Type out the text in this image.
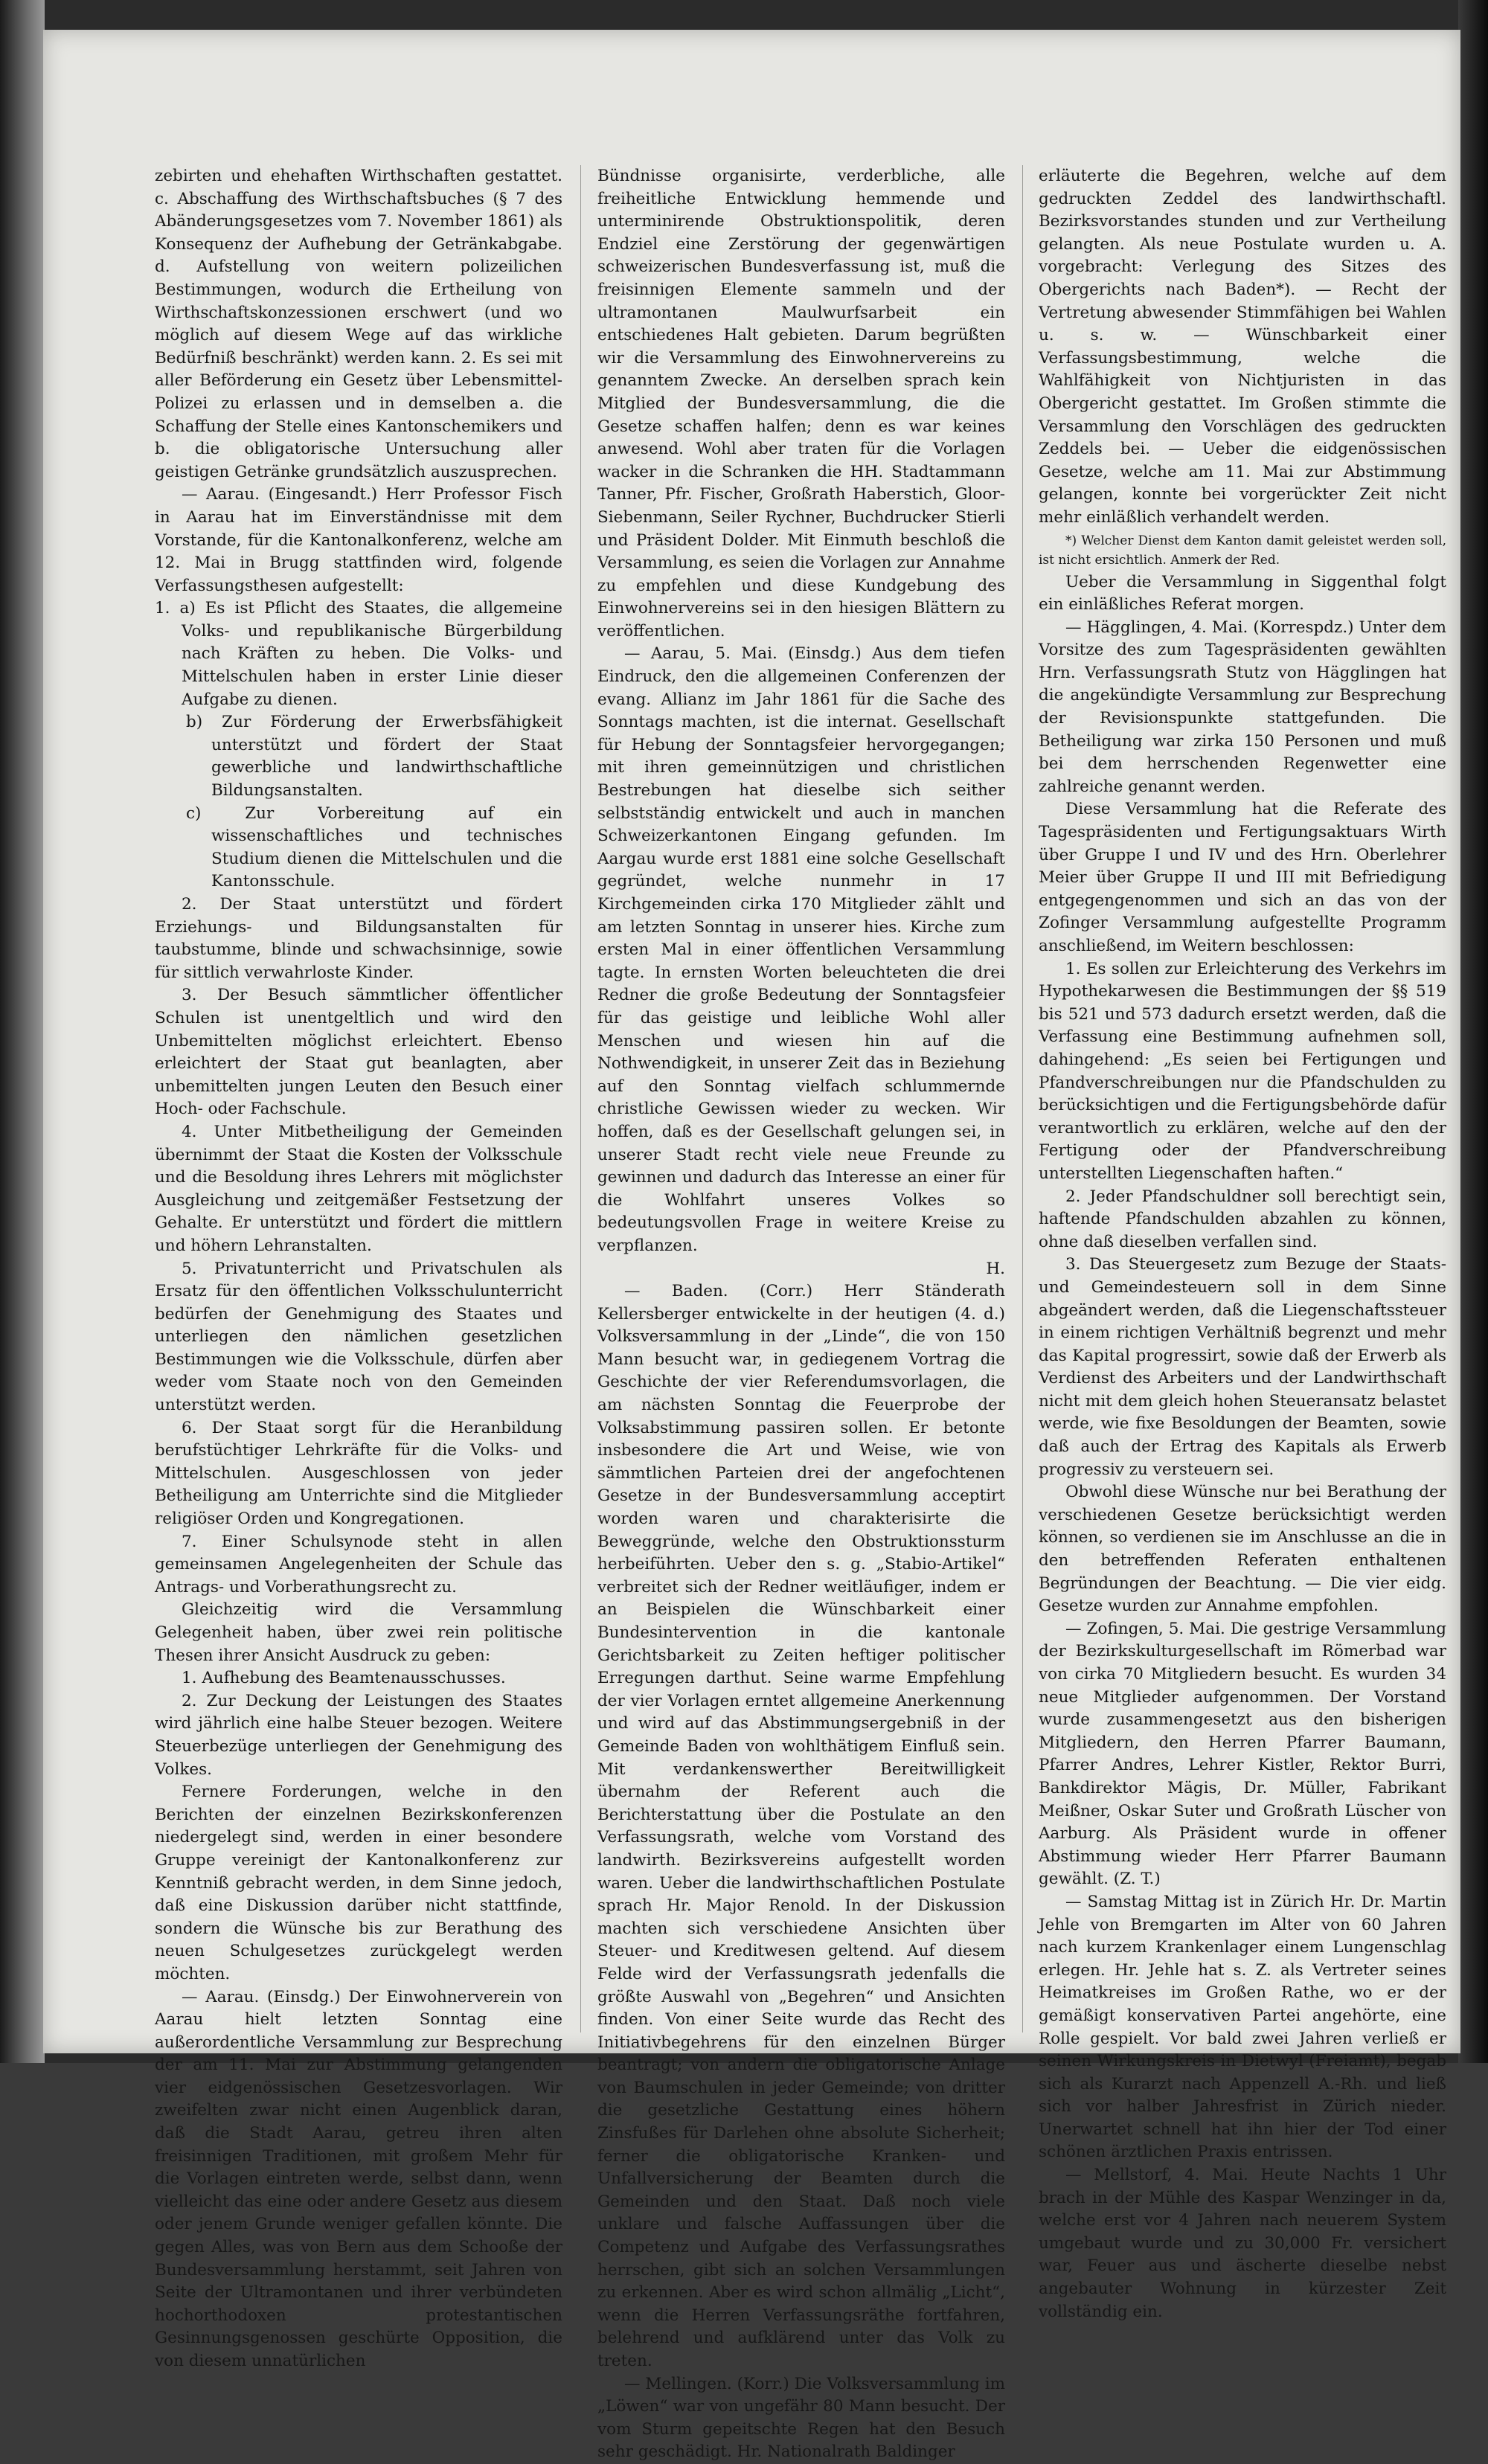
zebirten und ehehaften Wirthschaften gestattet. c. Abschaffung des Wirthschaftsbuches (§ 7 des Abänderungsgesetzes vom 7. November 1861) als Konsequenz der Aufhebung der Getränkabgabe. d. Aufstellung von weitern polizeilichen Bestimmungen, wodurch die Ertheilung von Wirthschaftskonzessionen erschwert (und wo möglich auf diesem Wege auf das wirkliche Bedürfniß beschränkt) werden kann. 2. Es sei mit aller Beförderung ein Gesetz über Lebensmittel-Polizei zu erlassen und in demselben a. die Schaffung der Stelle eines Kantonschemikers und b. die obligatorische Untersuchung aller geistigen Getränke grundsätzlich auszusprechen.

— Aarau. (Eingesandt.) Herr Professor Fisch in Aarau hat im Einverständnisse mit dem Vorstande, für die Kantonalkonferenz, welche am 12. Mai in Brugg stattfinden wird, folgende Verfassungsthesen aufgestellt:

1. a) Es ist Pflicht des Staates, die allgemeine Volks- und republikanische Bürgerbildung nach Kräften zu heben. Die Volks- und Mittelschulen haben in erster Linie dieser Aufgabe zu dienen.

b) Zur Förderung der Erwerbsfähigkeit unterstützt und fördert der Staat gewerbliche und landwirthschaftliche Bildungsanstalten.

c) Zur Vorbereitung auf ein wissenschaftliches und technisches Studium dienen die Mittelschulen und die Kantonsschule.

2. Der Staat unterstützt und fördert Erziehungs- und Bildungsanstalten für taubstumme, blinde und schwachsinnige, sowie für sittlich verwahrloste Kinder.

3. Der Besuch sämmtlicher öffentlicher Schulen ist unentgeltlich und wird den Unbemittelten möglichst erleichtert. Ebenso erleichtert der Staat gut beanlagten, aber unbemittelten jungen Leuten den Besuch einer Hoch- oder Fachschule.

4. Unter Mitbetheiligung der Gemeinden übernimmt der Staat die Kosten der Volksschule und die Besoldung ihres Lehrers mit möglichster Ausgleichung und zeitgemäßer Festsetzung der Gehalte. Er unterstützt und fördert die mittlern und höhern Lehranstalten.

5. Privatunterricht und Privatschulen als Ersatz für den öffentlichen Volksschulunterricht bedürfen der Genehmigung des Staates und unterliegen den nämlichen gesetzlichen Bestimmungen wie die Volksschule, dürfen aber weder vom Staate noch von den Gemeinden unterstützt werden.

6. Der Staat sorgt für die Heranbildung berufstüchtiger Lehrkräfte für die Volks- und Mittelschulen. Ausgeschlossen von jeder Betheiligung am Unterrichte sind die Mitglieder religiöser Orden und Kongregationen.

7. Einer Schulsynode steht in allen gemeinsamen Angelegenheiten der Schule das Antrags- und Vorberathungsrecht zu.

Gleichzeitig wird die Versammlung Gelegenheit haben, über zwei rein politische Thesen ihrer Ansicht Ausdruck zu geben:

1. Aufhebung des Beamtenausschusses.

2. Zur Deckung der Leistungen des Staates wird jährlich eine halbe Steuer bezogen. Weitere Steuerbezüge unterliegen der Genehmigung des Volkes.

Fernere Forderungen, welche in den Berichten der einzelnen Bezirkskonferenzen niedergelegt sind, werden in einer besondere Gruppe vereinigt der Kantonalkonferenz zur Kenntniß gebracht werden, in dem Sinne jedoch, daß eine Diskussion darüber nicht stattfinde, sondern die Wünsche bis zur Berathung des neuen Schulgesetzes zurückgelegt werden möchten.

— Aarau. (Einsdg.) Der Einwohnerverein von Aarau hielt letzten Sonntag eine außerordentliche Versammlung zur Besprechung der am 11. Mai zur Abstimmung gelangenden vier eidgenössischen Gesetzesvorlagen. Wir zweifelten zwar nicht einen Augenblick daran, daß die Stadt Aarau, getreu ihren alten freisinnigen Traditionen, mit großem Mehr für die Vorlagen eintreten werde, selbst dann, wenn vielleicht das eine oder andere Gesetz aus diesem oder jenem Grunde weniger gefallen könnte. Die gegen Alles, was von Bern aus dem Schooße der Bundesversammlung herstammt, seit Jahren von Seite der Ultramontanen und ihrer verbündeten hochorthodoxen protestantischen Gesinnungsgenossen geschürte Opposition, die von diesem unnatürlichen

Bündnisse organisirte, verderbliche, alle freiheitliche Entwicklung hemmende und unterminirende Obstruktionspolitik, deren Endziel eine Zerstörung der gegenwärtigen schweizerischen Bundesverfassung ist, muß die freisinnigen Elemente sammeln und der ultramontanen Maulwurfsarbeit ein entschiedenes Halt gebieten. Darum begrüßten wir die Versammlung des Einwohnervereins zu genanntem Zwecke. An derselben sprach kein Mitglied der Bundesversammlung, die die Gesetze schaffen halfen; denn es war keines anwesend. Wohl aber traten für die Vorlagen wacker in die Schranken die HH. Stadtammann Tanner, Pfr. Fischer, Großrath Haberstich, Gloor-Siebenmann, Seiler Rychner, Buchdrucker Stierli und Präsident Dolder. Mit Einmuth beschloß die Versammlung, es seien die Vorlagen zur Annahme zu empfehlen und diese Kundgebung des Einwohnervereins sei in den hiesigen Blättern zu veröffentlichen.

— Aarau, 5. Mai. (Einsdg.) Aus dem tiefen Eindruck, den die allgemeinen Conferenzen der evang. Allianz im Jahr 1861 für die Sache des Sonntags machten, ist die internat. Gesellschaft für Hebung der Sonntagsfeier hervorgegangen; mit ihren gemeinnützigen und christlichen Bestrebungen hat dieselbe sich seither selbstständig entwickelt und auch in manchen Schweizerkantonen Eingang gefunden. Im Aargau wurde erst 1881 eine solche Gesellschaft gegründet, welche nunmehr in 17 Kirchgemeinden cirka 170 Mitglieder zählt und am letzten Sonntag in unserer hies. Kirche zum ersten Mal in einer öffentlichen Versammlung tagte. In ernsten Worten beleuchteten die drei Redner die große Bedeutung der Sonntagsfeier für das geistige und leibliche Wohl aller Menschen und wiesen hin auf die Nothwendigkeit, in unserer Zeit das in Beziehung auf den Sonntag vielfach schlummernde christliche Gewissen wieder zu wecken. Wir hoffen, daß es der Gesellschaft gelungen sei, in unserer Stadt recht viele neue Freunde zu gewinnen und dadurch das Interesse an einer für die Wohlfahrt unseres Volkes so bedeutungsvollen Frage in weitere Kreise zu verpflanzen.

H.

— Baden. (Corr.) Herr Ständerath Kellersberger entwickelte in der heutigen (4. d.) Volksversammlung in der „Linde“, die von 150 Mann besucht war, in gediegenem Vortrag die Geschichte der vier Referendumsvorlagen, die am nächsten Sonntag die Feuerprobe der Volksabstimmung passiren sollen. Er betonte insbesondere die Art und Weise, wie von sämmtlichen Parteien drei der angefochtenen Gesetze in der Bundesversammlung acceptirt worden waren und charakterisirte die Beweggründe, welche den Obstruktionssturm herbeiführten. Ueber den s. g. „Stabio-Artikel“ verbreitet sich der Redner weitläufiger, indem er an Beispielen die Wünschbarkeit einer Bundesintervention in die kantonale Gerichtsbarkeit zu Zeiten heftiger politischer Erregungen darthut. Seine warme Empfehlung der vier Vorlagen erntet allgemeine Anerkennung und wird auf das Abstimmungsergebniß in der Gemeinde Baden von wohlthätigem Einfluß sein. Mit verdankenswerther Bereitwilligkeit übernahm der Referent auch die Berichterstattung über die Postulate an den Verfassungsrath, welche vom Vorstand des landwirth. Bezirksvereins aufgestellt worden waren. Ueber die landwirthschaftlichen Postulate sprach Hr. Major Renold. In der Diskussion machten sich verschiedene Ansichten über Steuer- und Kreditwesen geltend. Auf diesem Felde wird der Verfassungsrath jedenfalls die größte Auswahl von „Begehren“ und Ansichten finden. Von einer Seite wurde das Recht des Initiativbegehrens für den einzelnen Bürger beantragt; von andern die obligatorische Anlage von Baumschulen in jeder Gemeinde; von dritter die gesetzliche Gestattung eines höhern Zinsfußes für Darlehen ohne absolute Sicherheit; ferner die obligatorische Kranken- und Unfallversicherung der Beamten durch die Gemeinden und den Staat. Daß noch viele unklare und falsche Auffassungen über die Competenz und Aufgabe des Verfassungsrathes herrschen, gibt sich an solchen Versammlungen zu erkennen. Aber es wird schon allmälig „Licht“, wenn die Herren Verfassungsräthe fortfahren, belehrend und aufklärend unter das Volk zu treten.

— Mellingen. (Korr.) Die Volksversammlung im „Löwen“ war von ungefähr 80 Mann besucht. Der vom Sturm gepeitschte Regen hat den Besuch sehr geschädigt. Hr. Nationalrath Baldinger

erläuterte die Begehren, welche auf dem gedruckten Zeddel des landwirthschaftl. Bezirksvorstandes stunden und zur Vertheilung gelangten. Als neue Postulate wurden u. A. vorgebracht: Verlegung des Sitzes des Obergerichts nach Baden*). — Recht der Vertretung abwesender Stimmfähigen bei Wahlen u. s. w. — Wünschbarkeit einer Verfassungsbestimmung, welche die Wahlfähigkeit von Nichtjuristen in das Obergericht gestattet. Im Großen stimmte die Versammlung den Vorschlägen des gedruckten Zeddels bei. — Ueber die eidgenössischen Gesetze, welche am 11. Mai zur Abstimmung gelangen, konnte bei vorgerückter Zeit nicht mehr einläßlich verhandelt werden.

*) Welcher Dienst dem Kanton damit geleistet werden soll, ist nicht ersichtlich. Anmerk der Red.

Ueber die Versammlung in Siggenthal folgt ein einläßliches Referat morgen.

— Hägglingen, 4. Mai. (Korrespdz.) Unter dem Vorsitze des zum Tagespräsidenten gewählten Hrn. Verfassungsrath Stutz von Hägglingen hat die angekündigte Versammlung zur Besprechung der Revisionspunkte stattgefunden. Die Betheiligung war zirka 150 Personen und muß bei dem herrschenden Regenwetter eine zahlreiche genannt werden.

Diese Versammlung hat die Referate des Tagespräsidenten und Fertigungsaktuars Wirth über Gruppe I und IV und des Hrn. Oberlehrer Meier über Gruppe II und III mit Befriedigung entgegengenommen und sich an das von der Zofinger Versammlung aufgestellte Programm anschließend, im Weitern beschlossen:

1. Es sollen zur Erleichterung des Verkehrs im Hypothekarwesen die Bestimmungen der §§ 519 bis 521 und 573 dadurch ersetzt werden, daß die Verfassung eine Bestimmung aufnehmen soll, dahingehend: „Es seien bei Fertigungen und Pfandverschreibungen nur die Pfandschulden zu berücksichtigen und die Fertigungsbehörde dafür verantwortlich zu erklären, welche auf den der Fertigung oder der Pfandverschreibung unterstellten Liegenschaften haften.“

2. Jeder Pfandschuldner soll berechtigt sein, haftende Pfandschulden abzahlen zu können, ohne daß dieselben verfallen sind.

3. Das Steuergesetz zum Bezuge der Staats- und Gemeindesteuern soll in dem Sinne abgeändert werden, daß die Liegenschaftssteuer in einem richtigen Verhältniß begrenzt und mehr das Kapital progressirt, sowie daß der Erwerb als Verdienst des Arbeiters und der Landwirthschaft nicht mit dem gleich hohen Steueransatz belastet werde, wie fixe Besoldungen der Beamten, sowie daß auch der Ertrag des Kapitals als Erwerb progressiv zu versteuern sei.

Obwohl diese Wünsche nur bei Berathung der verschiedenen Gesetze berücksichtigt werden können, so verdienen sie im Anschlusse an die in den betreffenden Referaten enthaltenen Begründungen der Beachtung. — Die vier eidg. Gesetze wurden zur Annahme empfohlen.

— Zofingen, 5. Mai. Die gestrige Versammlung der Bezirkskulturgesellschaft im Römerbad war von cirka 70 Mitgliedern besucht. Es wurden 34 neue Mitglieder aufgenommen. Der Vorstand wurde zusammengesetzt aus den bisherigen Mitgliedern, den Herren Pfarrer Baumann, Pfarrer Andres, Lehrer Kistler, Rektor Burri, Bankdirektor Mägis, Dr. Müller, Fabrikant Meißner, Oskar Suter und Großrath Lüscher von Aarburg. Als Präsident wurde in offener Abstimmung wieder Herr Pfarrer Baumann gewählt. (Z. T.)

— Samstag Mittag ist in Zürich Hr. Dr. Martin Jehle von Bremgarten im Alter von 60 Jahren nach kurzem Krankenlager einem Lungenschlag erlegen. Hr. Jehle hat s. Z. als Vertreter seines Heimatkreises im Großen Rathe, wo er der gemäßigt konservativen Partei angehörte, eine Rolle gespielt. Vor bald zwei Jahren verließ er seinen Wirkungskreis in Dietwyl (Freiamt), begab sich als Kurarzt nach Appenzell A.-Rh. und ließ sich vor halber Jahresfrist in Zürich nieder. Unerwartet schnell hat ihn hier der Tod einer schönen ärztlichen Praxis entrissen.

— Mellstorf, 4. Mai. Heute Nachts 1 Uhr brach in der Mühle des Kaspar Wenzinger in da, welche erst vor 4 Jahren nach neuerem System umgebaut wurde und zu 30,000 Fr. versichert war, Feuer aus und äscherte dieselbe nebst angebauter Wohnung in kürzester Zeit vollständig ein.
